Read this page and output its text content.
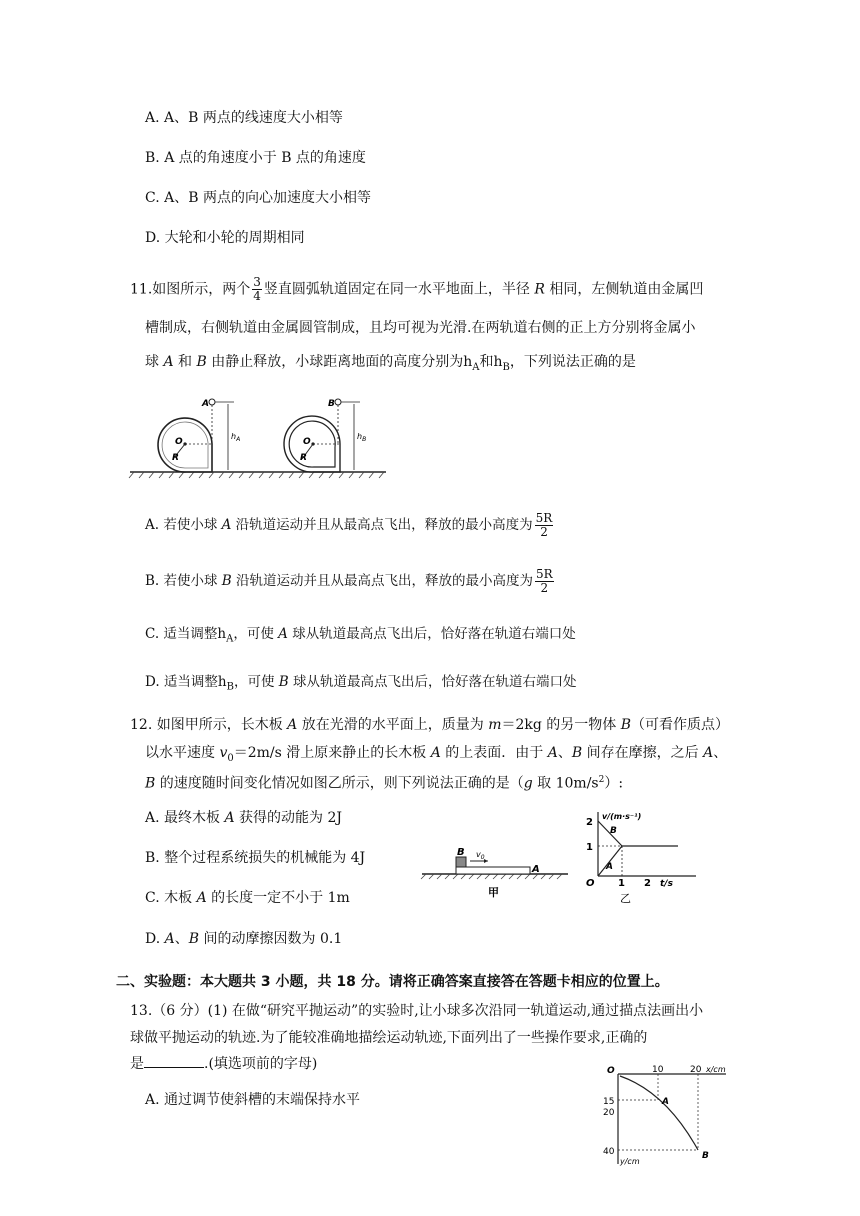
A. A、B 两点的线速度大小相等
B. A 点的角速度小于 B 点的角速度
C. A、B 两点的向心加速度大小相等
D. 大轮和小轮的周期相同
11.如图所示，两个 $\frac{3}{4}$ 竖直圆弧轨道固定在同一水平地面上，半径 R 相同，左侧轨道由金属凹
槽制成，右侧轨道由金属圆管制成，且均可视为光滑.在两轨道右侧的正上方分别将金属小
球 A 和 B 由静止释放，小球距离地面的高度分别为$h_A$和$h_B$，下列说法正确的是
O
R
A
$h_A$	O
R
B
$h_B$
A. 若使小球 A 沿轨道运动并且从最高点飞出，释放的最小高度为 $\frac{5R}{2}$
B. 若使小球 B 沿轨道运动并且从最高点飞出，释放的最小高度为 $\frac{5R}{2}$
C. 适当调整$h_A$，可使 A 球从轨道最高点飞出后，恰好落在轨道右端口处
D. 适当调整$h_B$，可使 B 球从轨道最高点飞出后，恰好落在轨道右端口处
12. 如图甲所示，长木板 A 放在光滑的水平面上，质量为 m＝2kg 的另一物体 B（可看作质点）
以水平速度 $v_0=2m/s$ 滑上原来静止的长木板 A 的上表面．由于 A、B 间存在摩擦，之后 A、
B 的速度随时间变化情况如图乙所示，则下列说法正确的是（g 取 $10m/s^2$）:
A. 最终木板 A 获得的动能为 2J
B. 整个过程系统损失的机械能为 4J
C. 木板 A 的长度一定不小于 1m
D. A、B 间的动摩擦因数为 0.1
B $v_0$
A
甲
v/(m·s⁻¹)
2
1
O 1 2 t/s
B
A
乙
二、实验题：本大题共 3 小题，共 18 分。请将正确答案直接答在答题卡相应的位置上。
13.（6 分）(1) 在做“研究平抛运动”的实验时,让小球多次沿同一轨道运动,通过描点法画出小
球做平抛运动的轨迹.为了能较准确地描绘运动轨迹,下面列出了一些操作要求,正确的
是	.(填选项前的字母)
A. 通过调节使斜槽的末端保持水平
O	10	20 x/cm
15
20
40
y/cm
A
B
